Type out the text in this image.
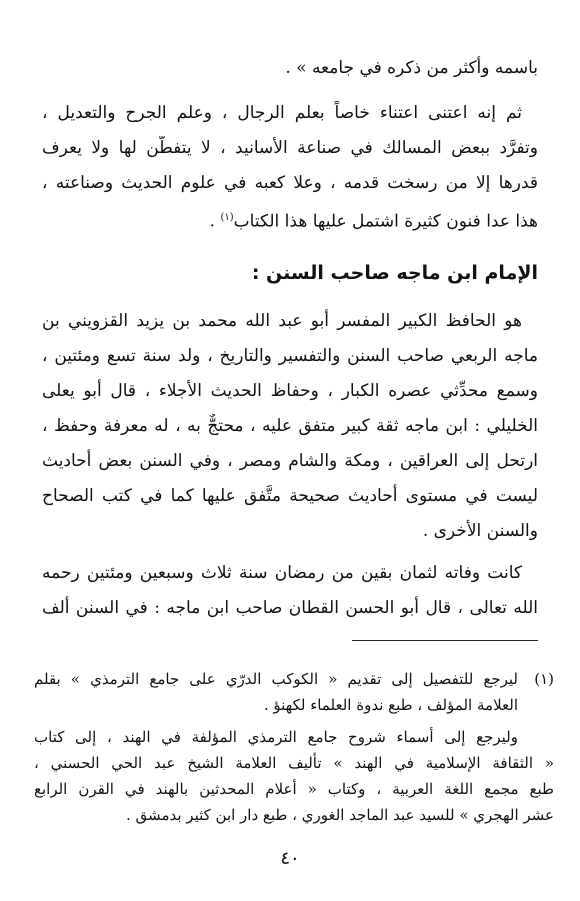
باسمه وأكثر من ذكره في جامعه » .
ثم إنه اعتنى اعتناء خاصاً بعلم الرجال ، وعلم الجرح والتعديل ،
وتفرَّد ببعض المسالك في صناعة الأسانيد ، لا يتفطَّن لها ولا يعرف
قدرها إلا من رسخت قدمه ، وعلا كعبه في علوم الحديث وصناعته ،
هذا عدا فنون كثيرة اشتمل عليها هذا الكتاب$^{(١)}$ .
الإمام ابن ماجه صاحب السنن :
هو الحافظ الكبير المفسر أبو عبد الله محمد بن يزيد القزويني بن
ماجه الربعي صاحب السنن والتفسير والتاريخ ، ولد سنة تسع ومئتين ،
وسمع محدِّثي عصره الكبار ، وحفاظ الحديث الأجلاء ، قال أبو يعلى
الخليلي : ابن ماجه ثقة كبير متفق عليه ، محتجٌّ به ، له معرفة وحفظ ،
ارتحل إلى العراقين ، ومكة والشام ومصر ، وفي السنن بعض أحاديث
ليست في مستوى أحاديث صحيحة متَّفق عليها كما في كتب الصحاح
والسنن الأخرى .
كانت وفاته لثمان بقين من رمضان سنة ثلاث وسبعين ومئتين رحمه
الله تعالى ، قال أبو الحسن القطان صاحب ابن ماجه : في السنن ألف
(١)
ليرجع للتفصيل إلى تقديم « الكوكب الدرّي على جامع الترمذي » بقلم
العلامة المؤلف ، طبع ندوة العلماء لكهنؤ .
وليرجع إلى أسماء شروح جامع الترمذي المؤلفة في الهند ، إلى كتاب
« الثقافة الإسلامية في الهند » تأليف العلامة الشيخ عبد الحي الحسني ،
طبع مجمع اللغة العربية ، وكتاب « أعلام المحدثين بالهند في القرن الرابع
عشر الهجري » للسيد عبد الماجد الغوري ، طبع دار ابن كثير بدمشق .
٤٠
